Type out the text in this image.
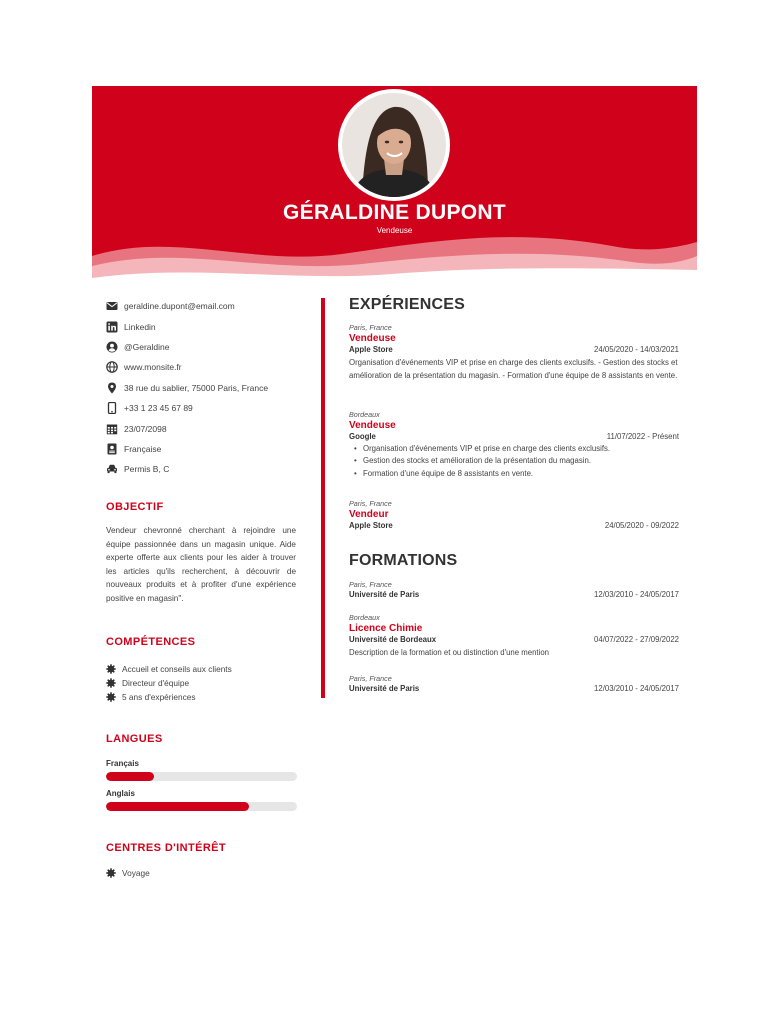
GÉRALDINE DUPONT
Vendeuse
geraldine.dupont@email.com
Linkedin
@Geraldine
www.monsite.fr
38 rue du sablier, 75000 Paris, France
+33 1 23 45 67 89
23/07/2098
Française
Permis B, C
OBJECTIF

Vendeur chevronné cherchant à rejoindre une équipe passionnée dans un magasin unique. Aide experte offerte aux clients pour les aider à trouver les articles qu'ils recherchent, à découvrir de nouveaux produits et à profiter d'une expérience positive en magasin".

COMPÉTENCES
Accueil et conseils aux clients
Directeur d'équipe
5 ans d'expériences
LANGUES
Français
Anglais
CENTRES D'INTÉRÊT
Voyage
EXPÉRIENCES
Paris, France
Vendeuse
Apple Store	24/05/2020 - 14/03/2021
Organisation d'événements VIP et prise en charge des clients exclusifs. - Gestion des stocks et amélioration de la présentation du magasin. - Formation d'une équipe de 8 assistants en vente.
Bordeaux
Vendeuse
Google	11/07/2022 - Présent
• Organisation d'événements VIP et prise en charge des clients exclusifs.
• Gestion des stocks et amélioration de la présentation du magasin.
• Formation d'une équipe de 8 assistants en vente.
Paris, France
Vendeur
Apple Store	24/05/2020 - 09/2022
FORMATIONS
Paris, France
Université de Paris	12/03/2010 - 24/05/2017
Bordeaux
Licence Chimie
Université de Bordeaux	04/07/2022 - 27/09/2022
Description de la formation et ou distinction d'une mention
Paris, France
Université de Paris	12/03/2010 - 24/05/2017
